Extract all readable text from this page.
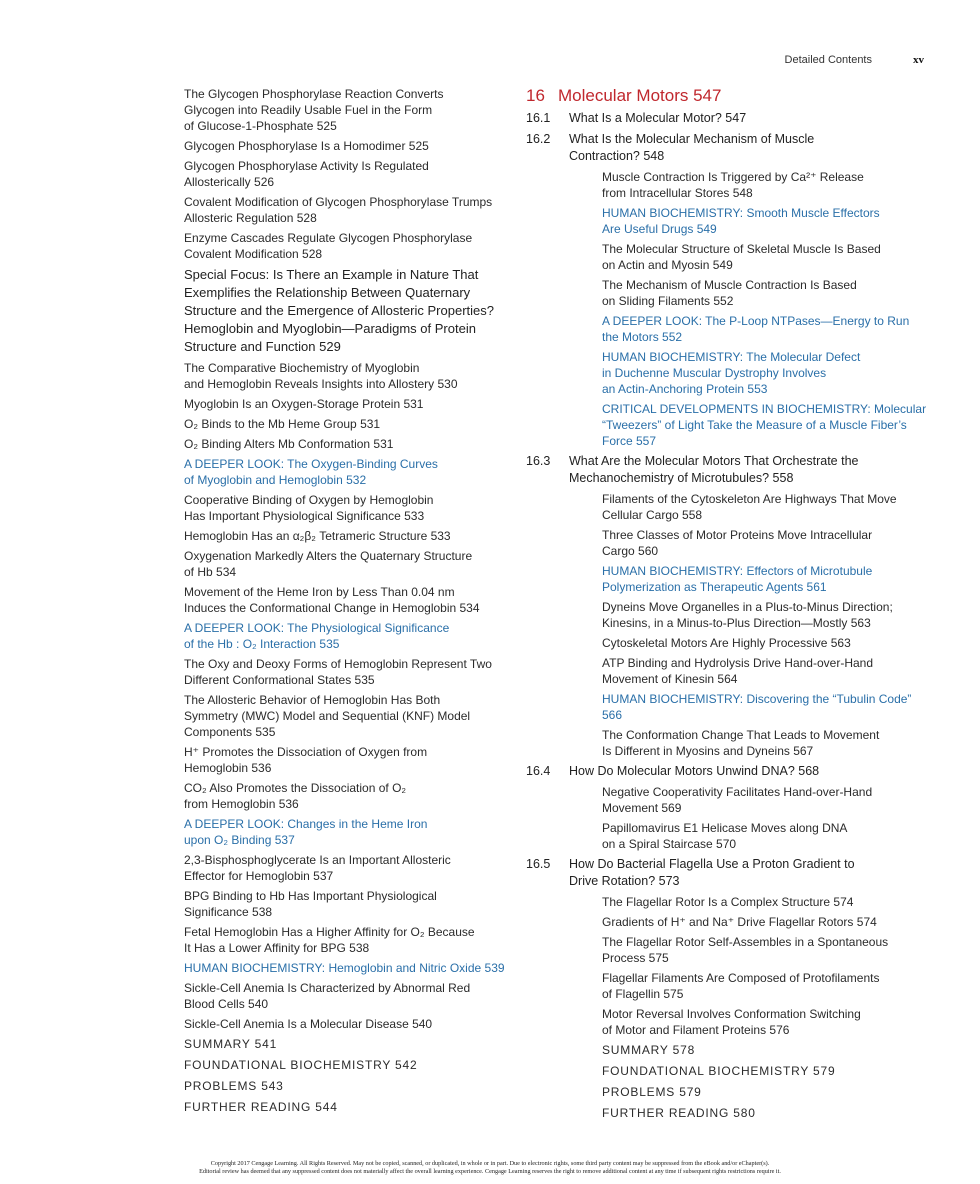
Detailed Contents	xv
The Glycogen Phosphorylase Reaction Converts
Glycogen into Readily Usable Fuel in the Form
of Glucose-1-Phosphate 525
Glycogen Phosphorylase Is a Homodimer 525
Glycogen Phosphorylase Activity Is Regulated
Allosterically 526
Covalent Modification of Glycogen Phosphorylase Trumps
Allosteric Regulation 528
Enzyme Cascades Regulate Glycogen Phosphorylase
Covalent Modification 528
Special Focus: Is There an Example in Nature That
Exemplifies the Relationship Between Quaternary
Structure and the Emergence of Allosteric Properties?
Hemoglobin and Myoglobin—Paradigms of Protein
Structure and Function 529
The Comparative Biochemistry of Myoglobin
and Hemoglobin Reveals Insights into Allostery 530
Myoglobin Is an Oxygen-Storage Protein 531
O₂ Binds to the Mb Heme Group 531
O₂ Binding Alters Mb Conformation 531
A DEEPER LOOK: The Oxygen-Binding Curves
of Myoglobin and Hemoglobin 532
Cooperative Binding of Oxygen by Hemoglobin
Has Important Physiological Significance 533
Hemoglobin Has an α₂β₂ Tetrameric Structure 533
Oxygenation Markedly Alters the Quaternary Structure
of Hb 534
Movement of the Heme Iron by Less Than 0.04 nm
Induces the Conformational Change in Hemoglobin 534
A DEEPER LOOK: The Physiological Significance
of the Hb : O₂ Interaction 535
The Oxy and Deoxy Forms of Hemoglobin Represent Two
Different Conformational States 535
The Allosteric Behavior of Hemoglobin Has Both
Symmetry (MWC) Model and Sequential (KNF) Model
Components 535
H⁺ Promotes the Dissociation of Oxygen from
Hemoglobin 536
CO₂ Also Promotes the Dissociation of O₂
from Hemoglobin 536
A DEEPER LOOK: Changes in the Heme Iron
upon O₂ Binding 537
2,3-Bisphosphoglycerate Is an Important Allosteric
Effector for Hemoglobin 537
BPG Binding to Hb Has Important Physiological
Significance 538
Fetal Hemoglobin Has a Higher Affinity for O₂ Because
It Has a Lower Affinity for BPG 538
HUMAN BIOCHEMISTRY: Hemoglobin and Nitric Oxide 539
Sickle-Cell Anemia Is Characterized by Abnormal Red
Blood Cells 540
Sickle-Cell Anemia Is a Molecular Disease 540
SUMMARY 541
FOUNDATIONAL BIOCHEMISTRY 542
PROBLEMS 543
FURTHER READING 544
16 Molecular Motors 547
16.1	What Is a Molecular Motor? 547
16.2	What Is the Molecular Mechanism of Muscle
Contraction? 548
Muscle Contraction Is Triggered by Ca²⁺ Release
from Intracellular Stores 548
HUMAN BIOCHEMISTRY: Smooth Muscle Effectors
Are Useful Drugs 549
The Molecular Structure of Skeletal Muscle Is Based
on Actin and Myosin 549
The Mechanism of Muscle Contraction Is Based
on Sliding Filaments 552
A DEEPER LOOK: The P-Loop NTPases—Energy to Run
the Motors 552
HUMAN BIOCHEMISTRY: The Molecular Defect
in Duchenne Muscular Dystrophy Involves
an Actin-Anchoring Protein 553
CRITICAL DEVELOPMENTS IN BIOCHEMISTRY: Molecular
“Tweezers” of Light Take the Measure of a Muscle Fiber’s
Force 557
16.3	What Are the Molecular Motors That Orchestrate the
Mechanochemistry of Microtubules? 558
Filaments of the Cytoskeleton Are Highways That Move
Cellular Cargo 558
Three Classes of Motor Proteins Move Intracellular
Cargo 560
HUMAN BIOCHEMISTRY: Effectors of Microtubule
Polymerization as Therapeutic Agents 561
Dyneins Move Organelles in a Plus-to-Minus Direction;
Kinesins, in a Minus-to-Plus Direction—Mostly 563
Cytoskeletal Motors Are Highly Processive 563
ATP Binding and Hydrolysis Drive Hand-over-Hand
Movement of Kinesin 564
HUMAN BIOCHEMISTRY: Discovering the “Tubulin Code” 566
The Conformation Change That Leads to Movement
Is Different in Myosins and Dyneins 567
16.4	How Do Molecular Motors Unwind DNA? 568
Negative Cooperativity Facilitates Hand-over-Hand
Movement 569
Papillomavirus E1 Helicase Moves along DNA
on a Spiral Staircase 570
16.5	How Do Bacterial Flagella Use a Proton Gradient to
Drive Rotation? 573
The Flagellar Rotor Is a Complex Structure 574
Gradients of H⁺ and Na⁺ Drive Flagellar Rotors 574
The Flagellar Rotor Self-Assembles in a Spontaneous
Process 575
Flagellar Filaments Are Composed of Protofilaments
of Flagellin 575
Motor Reversal Involves Conformation Switching
of Motor and Filament Proteins 576
SUMMARY 578
FOUNDATIONAL BIOCHEMISTRY 579
PROBLEMS 579
FURTHER READING 580
Copyright 2017 Cengage Learning. All Rights Reserved. May not be copied, scanned, or duplicated, in whole or in part. Due to electronic rights, some third party content may be suppressed from the eBook and/or eChapter(s).
Editorial review has deemed that any suppressed content does not materially affect the overall learning experience. Cengage Learning reserves the right to remove additional content at any time if subsequent rights restrictions require it.
